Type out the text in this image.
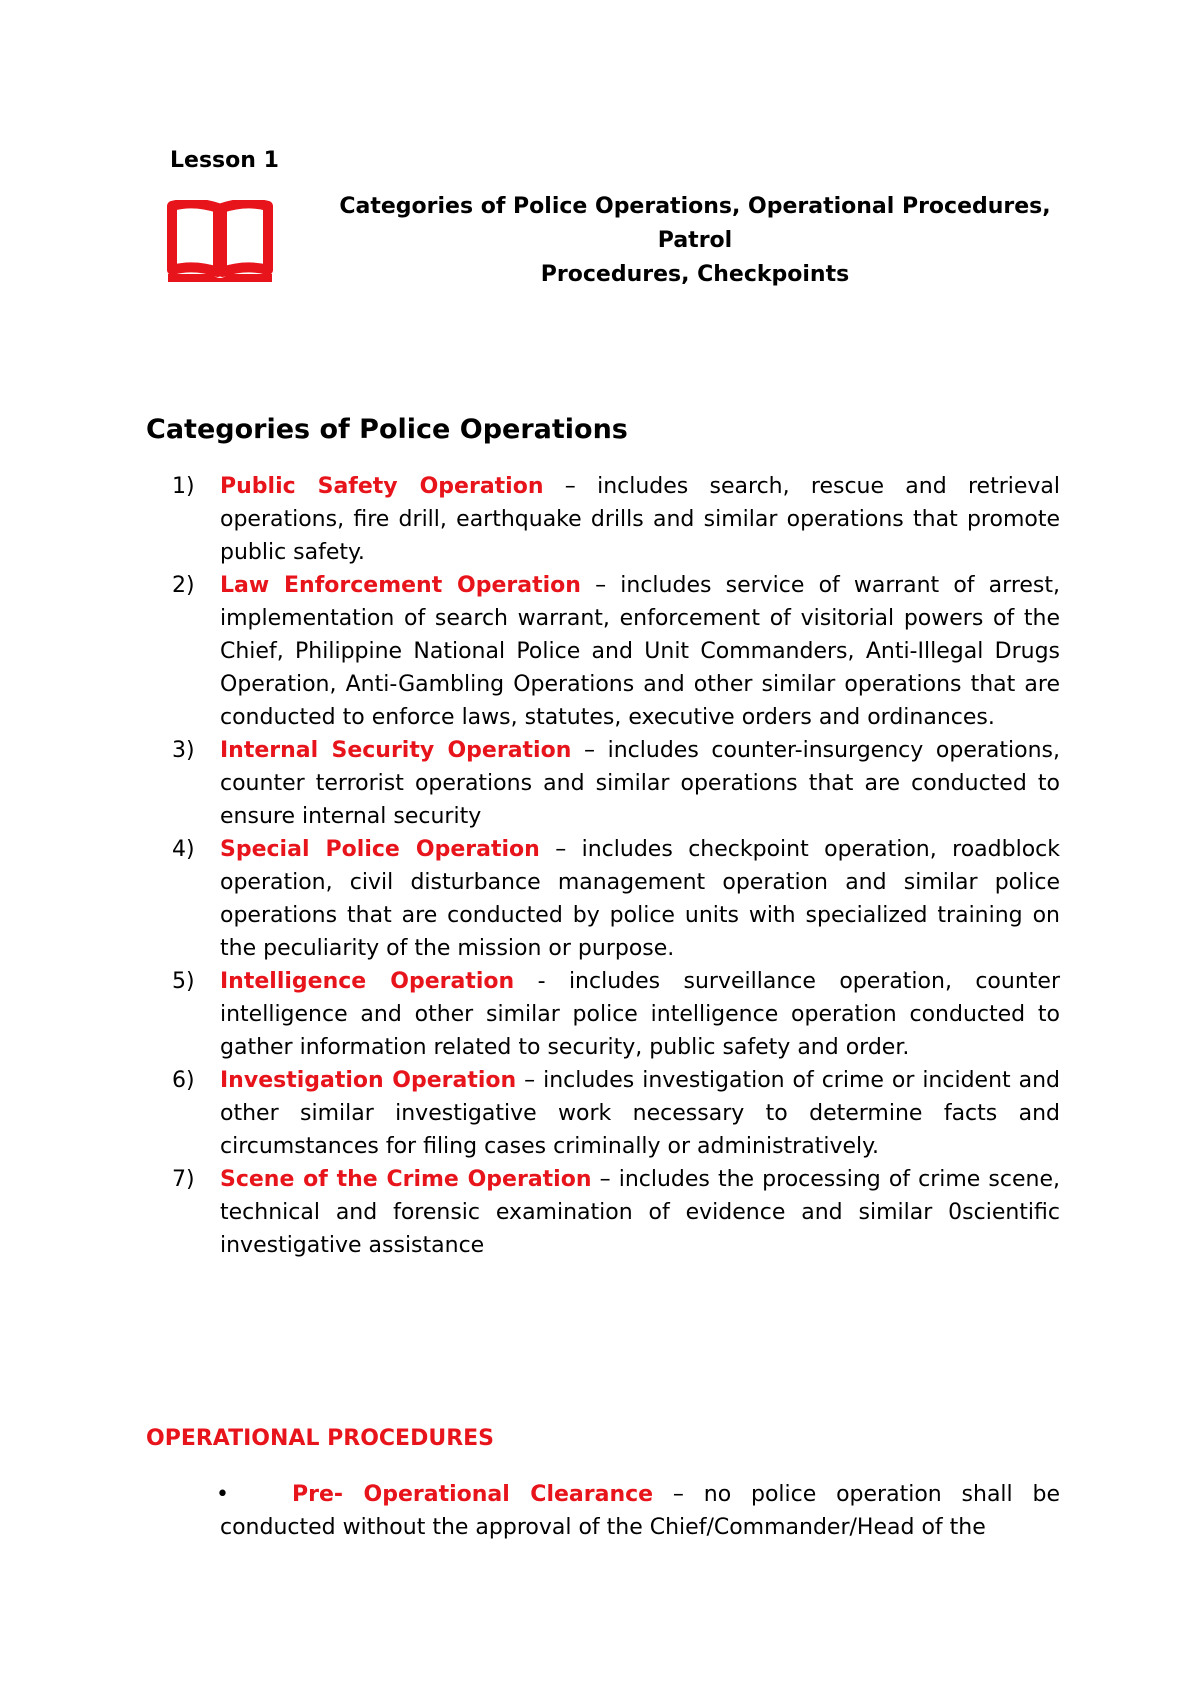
Lesson 1
Categories of Police Operations, Operational Procedures, Patrol
Procedures, Checkpoints
Categories of Police Operations
1) Public Safety Operation – includes search, rescue and retrieval operations, fire drill, earthquake drills and similar operations that promote public safety.
2) Law Enforcement Operation – includes service of warrant of arrest, implementation of search warrant, enforcement of visitorial powers of the Chief, Philippine National Police and Unit Commanders, Anti-Illegal Drugs Operation, Anti-Gambling Operations and other similar operations that are conducted to enforce laws, statutes, executive orders and ordinances.
3) Internal Security Operation – includes counter-insurgency operations, counter terrorist operations and similar operations that are conducted to ensure internal security
4) Special Police Operation – includes checkpoint operation, roadblock operation, civil disturbance management operation and similar police operations that are conducted by police units with specialized training on the peculiarity of the mission or purpose.
5) Intelligence Operation - includes surveillance operation, counter intelligence and other similar police intelligence operation conducted to gather information related to security, public safety and order.
6) Investigation Operation – includes investigation of crime or incident and other similar investigative work necessary to determine facts and circumstances for filing cases criminally or administratively.
7) Scene of the Crime Operation – includes the processing of crime scene, technical and forensic examination of evidence and similar 0scientific investigative assistance
OPERATIONAL PROCEDURES
•	Pre- Operational Clearance – no police operation shall be conducted without the approval of the Chief/Commander/Head of the
